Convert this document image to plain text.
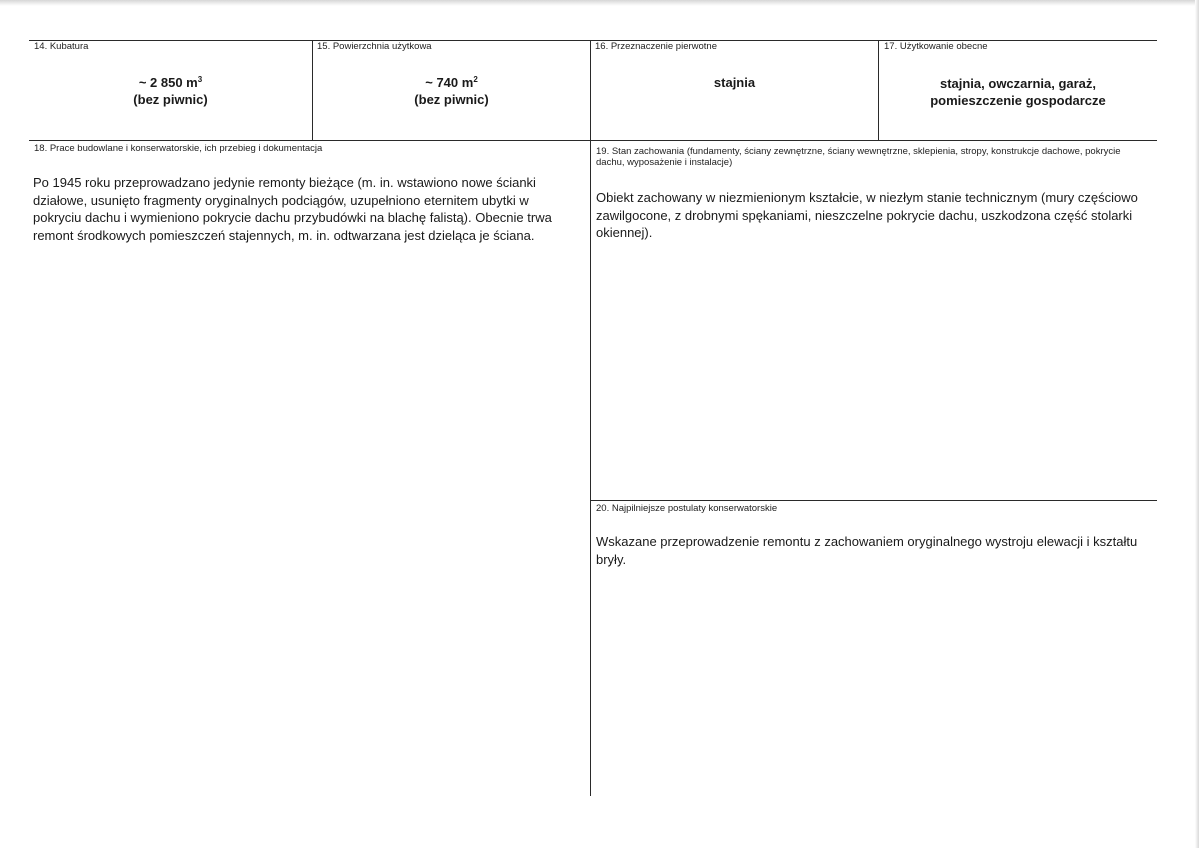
14. Kubatura
~ 2 850 $m^3$
(bez piwnic)
15. Powierzchnia użytkowa
~ 740 $m^2$
(bez piwnic)
16. Przeznaczenie pierwotne
stajnia
17. Użytkowanie obecne
stajnia, owczarnia, garaż,
pomieszczenie gospodarcze
18. Prace budowlane i konserwatorskie, ich przebieg i dokumentacja
Po 1945 roku przeprowadzano jedynie remonty bieżące (m. in. wstawiono nowe ścianki działowe, usunięto fragmenty oryginalnych podciągów, uzupełniono eternitem ubytki w pokryciu dachu i wymieniono pokrycie dachu przybudówki na blachę falistą). Obecnie trwa remont środkowych pomieszczeń stajennych, m. in. odtwarzana jest dzieląca je ściana.
19. Stan zachowania (fundamenty, ściany zewnętrzne, ściany wewnętrzne, sklepienia, stropy, konstrukcje dachowe, pokrycie dachu, wyposażenie i instalacje)
Obiekt zachowany w niezmienionym kształcie, w niezłym stanie technicznym (mury częściowo zawilgocone, z drobnymi spękaniami, nieszczelne pokrycie dachu, uszkodzona część stolarki okiennej).
20. Najpilniejsze postulaty konserwatorskie
Wskazane przeprowadzenie remontu z zachowaniem oryginalnego wystroju elewacji i kształtu bryły.
